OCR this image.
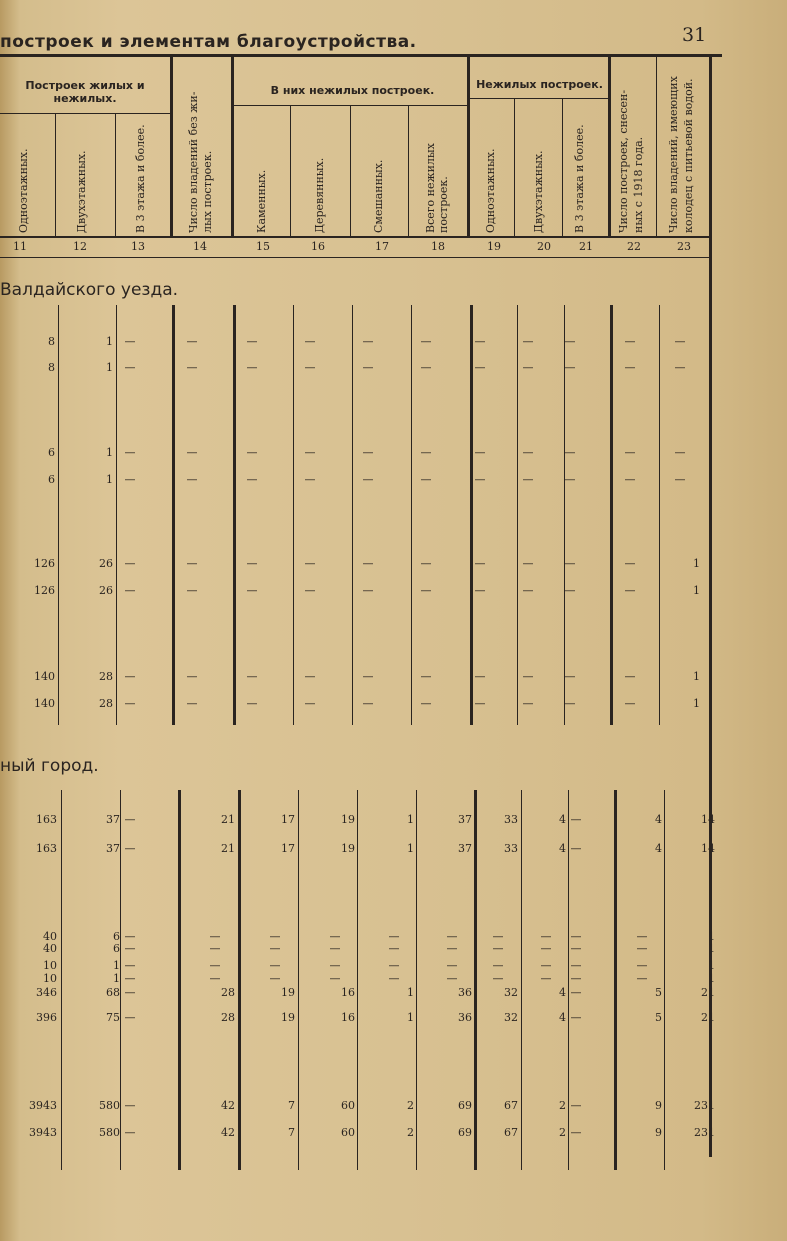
построек и элементам благоустройства.	31
Построек жилых и нежилых.
В них нежилых построек.	Нежилых построек.
Одноэтажных.	Двухэтажных.	В 3 этажа и более.	Число владений без жи- лых построек.	Каменных.	Деревянных.	Смешанных.	Всего нежилых построек.	Одноэтажных.	Двухэтажных.	В 3 этажа и более.	Число построек, снесен- ных с 1918 года. Число владений, имеющих колодец с питьевой водой.
11	12	13	14	15	16	17	18	19	20	21	22	23
Валдайского уезда.
ный город.
8	1	—	—	—	—	—	—	—	—	—	—	—
8	1	—	—	—	—	—	—	—	—	—	—	—
6	1	—	—	—	—	—	—	—	—	—	—	—
6	1	—	—	—	—	—	—	—	—	—	—	—
126	26	—	—	—	—	—	—	—	—	—	—	1
126	26	—	—	—	—	—	—	—	—	—	—	1
140	28	—	—	—	—	—	—	—	—	—	—	1
140	28	—	—	—	—	—	—	—	—	—	—	1
163	37 —	21	17	19	1	37	33	4 —	4	14
163	37 —	21	17	19	1	37	33	4 —	4	14
40	6 —	—	—	—	—	—	—	—	—	—	1
40	6 —	—	—	—	—	—	—	—	—	—	1
10	1 —	—	—	—	—	—	—	—	—	—	1
10	1 —	—	—	—	—	—	—	—	—	—	1
346	68 —	28	19	16	1	36	32	4 —	5	21
396	75 —	28	19	16	1	36	32	4 —	5	21
3943	580 —	42	7	60	2	69	67	2 —	9	231
3943	580 —	42	7	60	2	69	67	2 —	9	231
